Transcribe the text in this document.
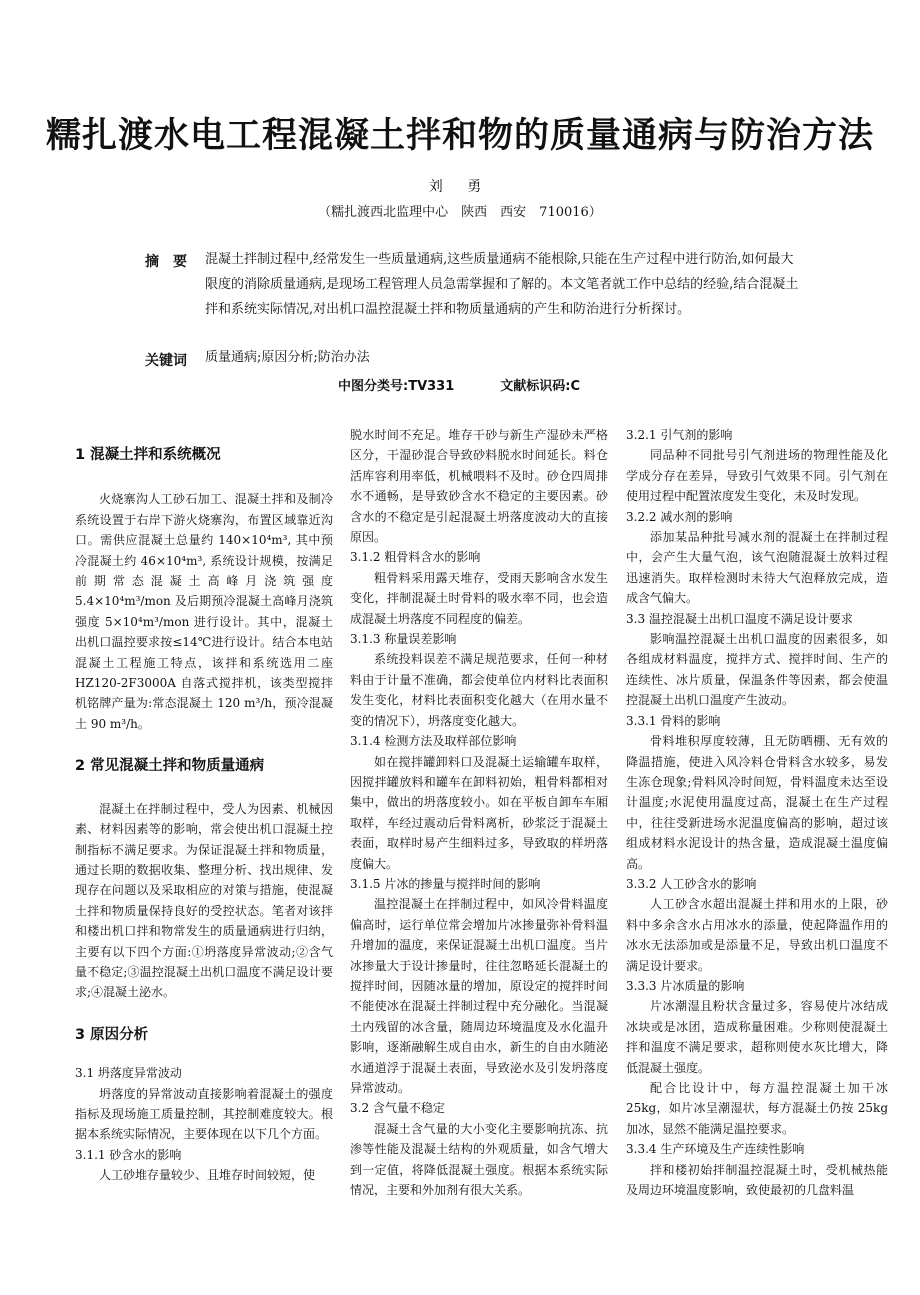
糯扎渡水电工程混凝土拌和物的质量通病与防治方法
刘 勇
（糯扎渡西北监理中心　陕西　西安　710016）
摘要 混凝土拌制过程中,经常发生一些质量通病,这些质量通病不能根除,只能在生产过程中进行防治,如何最大限度的消除质量通病,是现场工程管理人员急需掌握和了解的。本文笔者就工作中总结的经验,结合混凝土拌和系统实际情况,对出机口温控混凝土拌和物质量通病的产生和防治进行分析探讨。
关键词 质量通病;原因分析;防治办法
中图分类号:TV331	文献标识码:C

1 混凝土拌和系统概况

火烧寨沟人工砂石加工、混凝土拌和及制冷系统设置于右岸下游火烧寨沟，布置区域靠近沟口。需供应混凝土总量约 140×10⁴m³, 其中预冷混凝土约 46×10⁴m³, 系统设计规模，按满足前期常态混凝土高峰月浇筑强度 5.4×10⁴m³/mon 及后期预冷混凝土高峰月浇筑强度 5×10⁴m³/mon 进行设计。其中，混凝土出机口温控要求按≤14℃进行设计。结合本电站混凝土工程施工特点，该拌和系统选用二座 HZ120-2F3000A 自落式搅拌机，该类型搅拌机铭牌产量为:常态混凝土 120 m³/h，预冷混凝土 90 m³/h。

2 常见混凝土拌和物质量通病

混凝土在拌制过程中，受人为因素、机械因素、材料因素等的影响，常会使出机口混凝土控制指标不满足要求。为保证混凝土拌和物质量，通过长期的数据收集、整理分析、找出规律、发现存在问题以及采取相应的对策与措施，使混凝土拌和物质量保持良好的受控状态。笔者对该拌和楼出机口拌和物常发生的质量通病进行归纳，主要有以下四个方面:①坍落度异常波动;②含气量不稳定;③温控混凝土出机口温度不满足设计要求;④混凝土泌水。

3 原因分析

3.1 坍落度异常波动

坍落度的异常波动直接影响着混凝土的强度指标及现场施工质量控制，其控制难度较大。根据本系统实际情况，主要体现在以下几个方面。

3.1.1 砂含水的影响

人工砂堆存量较少、且堆存时间较短，使

脱水时间不充足。堆存干砂与新生产湿砂未严格区分，干湿砂混合导致砂料脱水时间延长。料仓活库容利用率低，机械喂料不及时。砂仓四周排水不通畅，是导致砂含水不稳定的主要因素。砂含水的不稳定是引起混凝土坍落度波动大的直接原因。

3.1.2 粗骨料含水的影响

粗骨料采用露天堆存，受雨天影响含水发生变化，拌制混凝土时骨料的吸水率不同，也会造成混凝土坍落度不同程度的偏差。

3.1.3 称量误差影响

系统投料误差不满足规范要求，任何一种材料由于计量不准确，都会使单位内材料比表面积发生变化，材料比表面积变化越大（在用水量不变的情况下），坍落度变化越大。

3.1.4 检测方法及取样部位影响

如在搅拌罐卸料口及混凝土运输罐车取样，因搅拌罐放料和罐车在卸料初始，粗骨料都相对集中，做出的坍落度较小。如在平板自卸车车厢取样，车经过震动后骨料离析，砂浆泛于混凝土表面，取样时易产生细料过多，导致取的样坍落度偏大。

3.1.5 片冰的掺量与搅拌时间的影响

温控混凝土在拌制过程中，如风冷骨料温度偏高时，运行单位常会增加片冰掺量弥补骨料温升增加的温度，来保证混凝土出机口温度。当片冰掺量大于设计掺量时，往往忽略延长混凝土的搅拌时间，因随冰量的增加，原设定的搅拌时间不能使冰在混凝土拌制过程中充分融化。当混凝土内残留的冰含量，随周边环境温度及水化温升影响，逐渐融解生成自由水，新生的自由水随泌水通道浮于混凝土表面，导致泌水及引发坍落度异常波动。

3.2 含气量不稳定

混凝土含气量的大小变化主要影响抗冻、抗渗等性能及混凝土结构的外观质量，如含气增大到一定值，将降低混凝土强度。根据本系统实际情况，主要和外加剂有很大关系。

3.2.1 引气剂的影响

同品种不同批号引气剂进场的物理性能及化学成分存在差异，导致引气效果不同。引气剂在使用过程中配置浓度发生变化，未及时发现。

3.2.2 减水剂的影响

添加某品种批号减水剂的混凝土在拌制过程中，会产生大量气泡，该气泡随混凝土放料过程迅速消失。取样检测时未待大气泡释放完成，造成含气偏大。

3.3 温控混凝土出机口温度不满足设计要求

影响温控混凝土出机口温度的因素很多，如各组成材料温度，搅拌方式、搅拌时间、生产的连续性、冰片质量，保温条件等因素，都会使温控混凝土出机口温度产生波动。

3.3.1 骨料的影响

骨料堆积厚度较薄，且无防晒棚、无有效的降温措施，使进入风冷料仓骨料含水较多，易发生冻仓现象;骨料风冷时间短，骨料温度未达至设计温度;水泥使用温度过高，混凝土在生产过程中，往往受新进场水泥温度偏高的影响，超过该组成材料水泥设计的热含量，造成混凝土温度偏高。

3.3.2 人工砂含水的影响

人工砂含水超出混凝土拌和用水的上限，砂料中多余含水占用冰水的添量，使起降温作用的冰水无法添加或是添量不足，导致出机口温度不满足设计要求。

3.3.3 片冰质量的影响

片冰潮湿且粉状含量过多，容易使片冰结成冰块或是冰团，造成称量困难。少称则使混凝土拌和温度不满足要求，超称则使水灰比增大，降低混凝土强度。

配合比设计中，每方温控混凝土加干冰 25kg，如片冰呈潮湿状，每方混凝土仍按 25kg 加冰，显然不能满足温控要求。

3.3.4 生产环境及生产连续性影响

拌和楼初始拌制温控混凝土时，受机械热能及周边环境温度影响，致使最初的几盘料温
